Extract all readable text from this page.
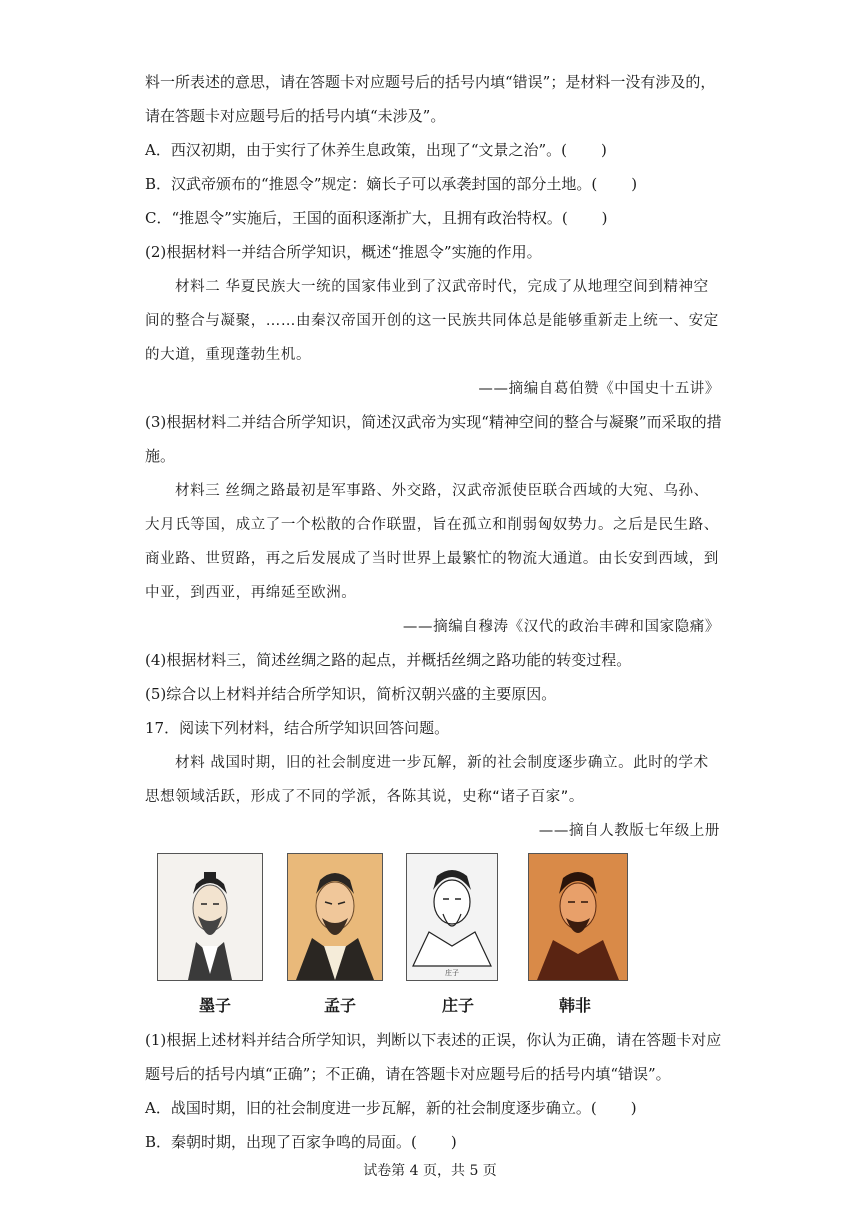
料一所表述的意思，请在答题卡对应题号后的括号内填“错误”；是材料一没有涉及的，
请在答题卡对应题号后的括号内填“未涉及”。
A．西汉初期，由于实行了休养生息政策，出现了“文景之治”。( )
B．汉武帝颁布的“推恩令”规定：嫡长子可以承袭封国的部分土地。( )
C．“推恩令”实施后，王国的面积逐渐扩大，且拥有政治特权。( )
(2)根据材料一并结合所学知识，概述“推恩令”实施的作用。
材料二 华夏民族大一统的国家伟业到了汉武帝时代，完成了从地理空间到精神空
间的整合与凝聚，……由秦汉帝国开创的这一民族共同体总是能够重新走上统一、安定
的大道，重现蓬勃生机。
——摘编自葛伯赞《中国史十五讲》
(3)根据材料二并结合所学知识，简述汉武帝为实现“精神空间的整合与凝聚”而采取的措
施。
材料三 丝绸之路最初是军事路、外交路，汉武帝派使臣联合西域的大宛、乌孙、
大月氏等国，成立了一个松散的合作联盟，旨在孤立和削弱匈奴势力。之后是民生路、
商业路、世贸路，再之后发展成了当时世界上最繁忙的物流大通道。由长安到西域，到
中亚，到西亚，再绵延至欧洲。
——摘编自穆涛《汉代的政治丰碑和国家隐痛》
(4)根据材料三，简述丝绸之路的起点，并概括丝绸之路功能的转变过程。
(5)综合以上材料并结合所学知识，简析汉朝兴盛的主要原因。
17．阅读下列材料，结合所学知识回答问题。
材料 战国时期，旧的社会制度进一步瓦解，新的社会制度逐步确立。此时的学术
思想领域活跃，形成了不同的学派，各陈其说，史称“诸子百家”。
——摘自人教版七年级上册
庄子
墨子	孟子	庄子	韩非
(1)根据上述材料并结合所学知识，判断以下表述的正误，你认为正确，请在答题卡对应
题号后的括号内填“正确”；不正确，请在答题卡对应题号后的括号内填“错误”。
A．战国时期，旧的社会制度进一步瓦解，新的社会制度逐步确立。( )
B．秦朝时期，出现了百家争鸣的局面。( )
试卷第 4 页，共 5 页
